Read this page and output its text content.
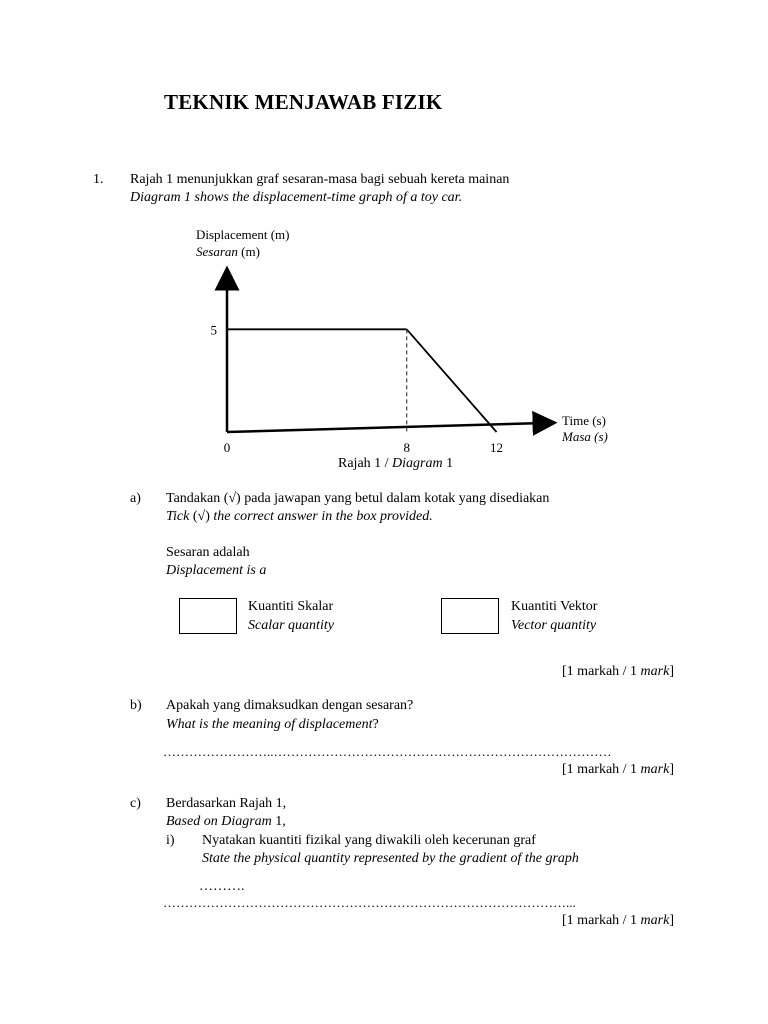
TEKNIK MENJAWAB FIZIK
1. Rajah 1 menunjukkan graf sesaran-masa bagi sebuah kereta mainan
Diagram 1 shows the displacement-time graph of a toy car.
Displacement (m)
Sesaran (m)
0	8	12
5
Time (s)
Masa (s)
Rajah 1 / Diagram 1
a) Tandakan (√) pada jawapan yang betul dalam kotak yang disediakan
Tick (√) the correct answer in the box provided.
Sesaran adalah
Displacement is a
Kuantiti Skalar
Scalar quantity
Kuantiti Vektor
Vector quantity
[1 markah / 1 mark]
b) Apakah yang dimaksudkan dengan sesaran?
What is the meaning of displacement?
……………………..……………………………………………………………………
[1 markah / 1 mark]
c) Berdasarkan Rajah 1,
Based on Diagram 1,
i) Nyatakan kuantiti fizikal yang diwakili oleh kecerunan graf
State the physical quantity represented by the gradient of the graph
……….
…………………………………………………………………………………...
[1 markah / 1 mark]
